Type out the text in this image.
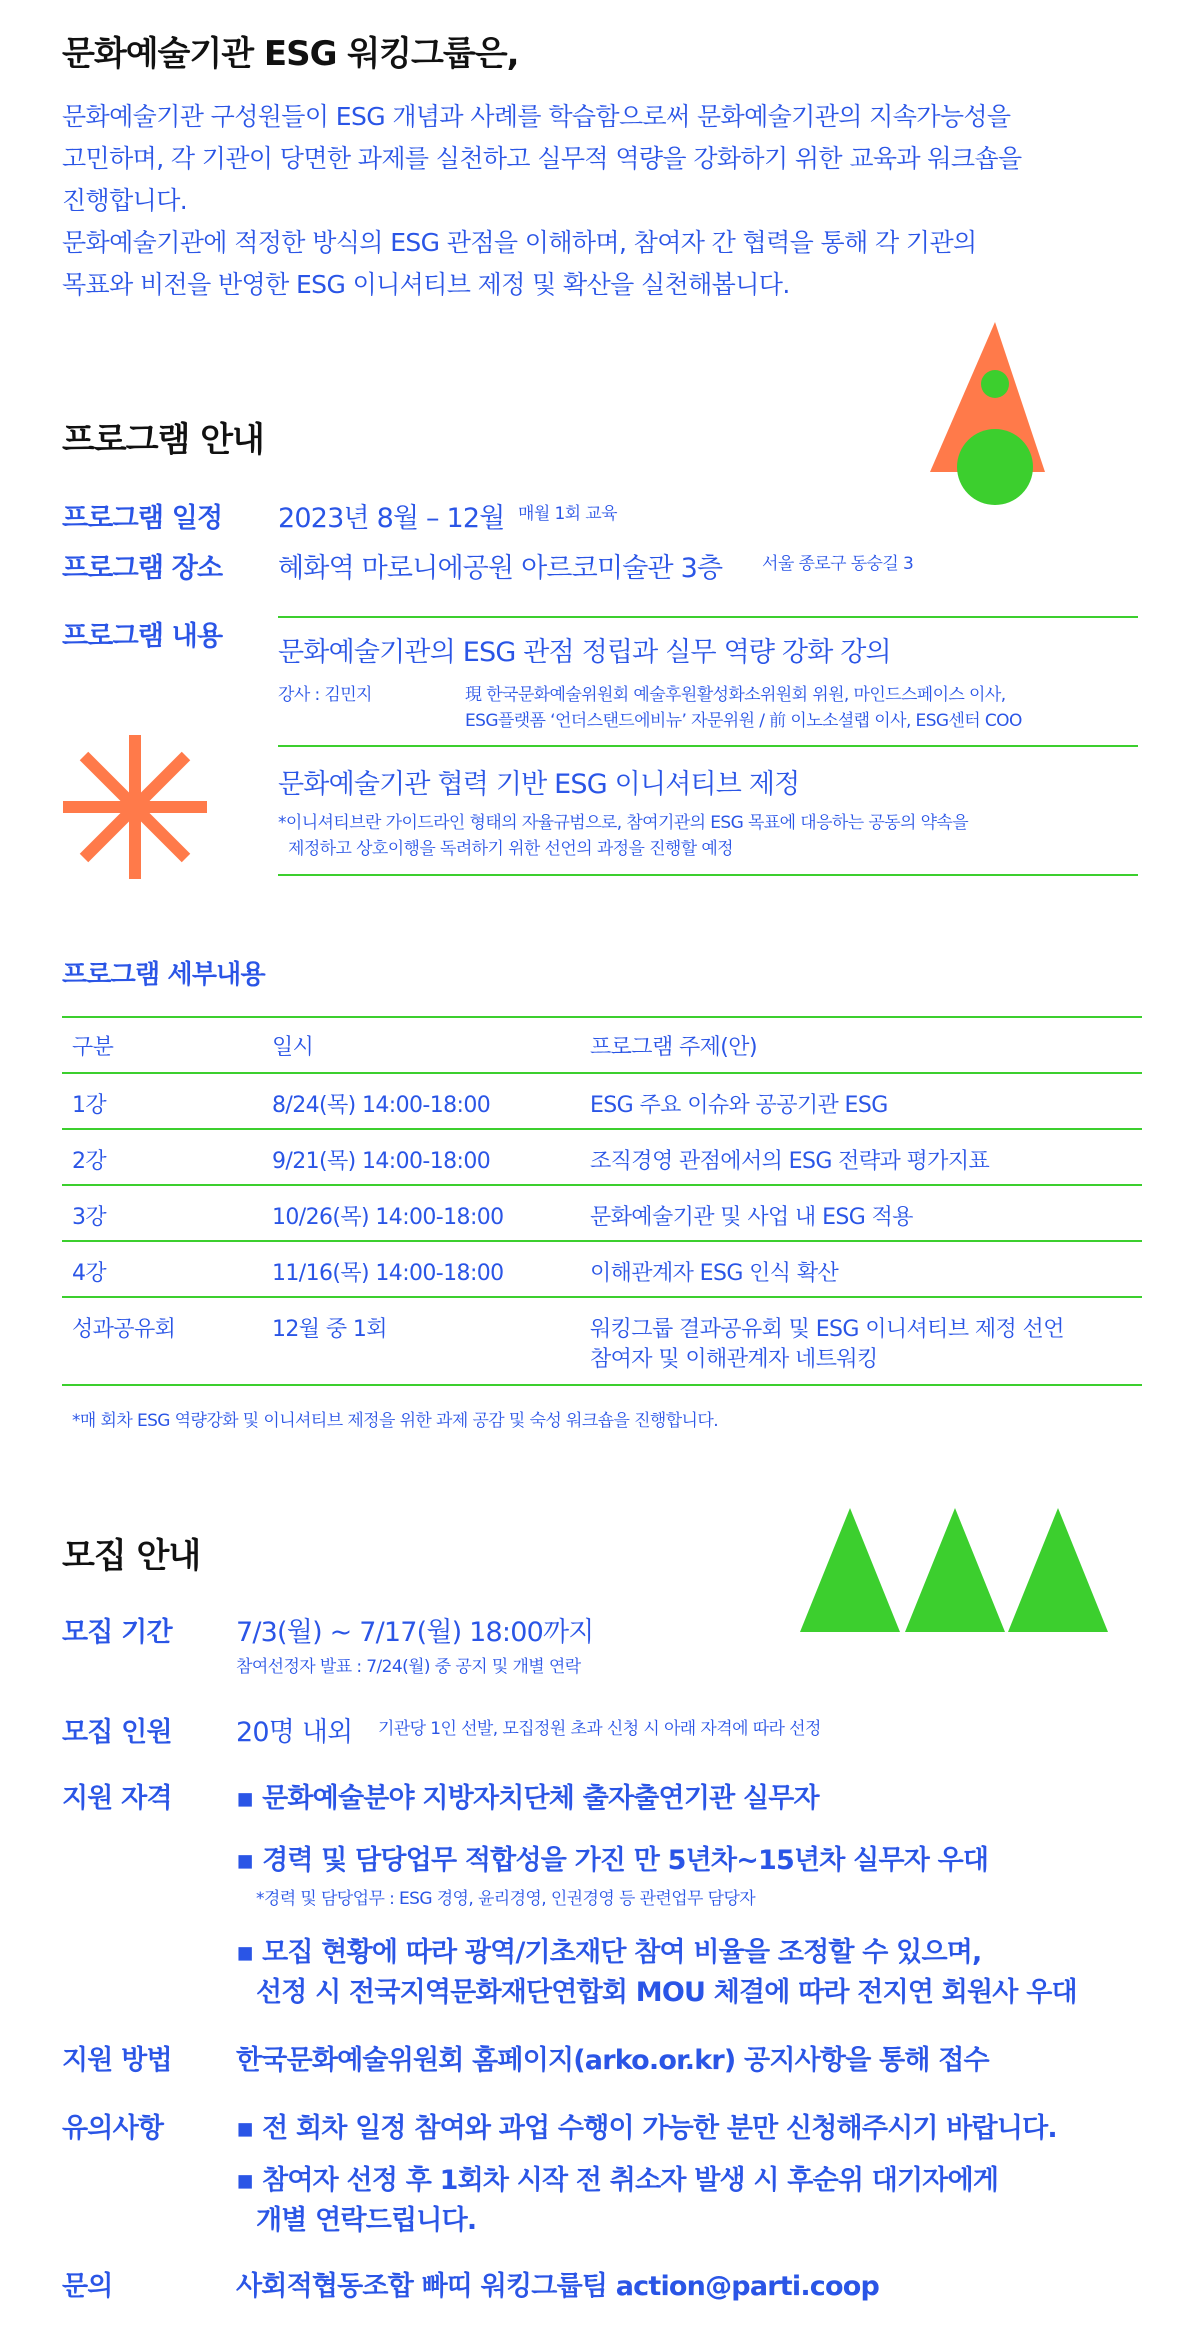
문화예술기관 ESG 워킹그룹은,
문화예술기관 구성원들이 ESG 개념과 사례를 학습함으로써 문화예술기관의 지속가능성을
고민하며, 각 기관이 당면한 과제를 실천하고 실무적 역량을 강화하기 위한 교육과 워크숍을
진행합니다.
문화예술기관에 적정한 방식의 ESG 관점을 이해하며, 참여자 간 협력을 통해 각 기관의
목표와 비전을 반영한 ESG 이니셔티브 제정 및 확산을 실천해봅니다.
프로그램 안내
프로그램 일정 2023년 8월 – 12월 매월 1회 교육
프로그램 장소 혜화역 마로니에공원 아르코미술관 3층 서울 종로구 동숭길 3
프로그램 내용
문화예술기관의 ESG 관점 정립과 실무 역량 강화 강의
강사 : 김민지	現 한국문화예술위원회 예술후원활성화소위원회 위원, 마인드스페이스 이사,
ESG플랫폼 ‘언더스탠드에비뉴’ 자문위원 / 前 이노소셜랩 이사, ESG센터 COO
문화예술기관 협력 기반 ESG 이니셔티브 제정
*이니셔티브란 가이드라인 형태의 자율규범으로, 참여기관의 ESG 목표에 대응하는 공동의 약속을
제정하고 상호이행을 독려하기 위한 선언의 과정을 진행할 예정
프로그램 세부내용
구분	일시	프로그램 주제(안)
1강	8/24(목) 14:00-18:00	ESG 주요 이슈와 공공기관 ESG
2강	9/21(목) 14:00-18:00	조직경영 관점에서의 ESG 전략과 평가지표
3강	10/26(목) 14:00-18:00	문화예술기관 및 사업 내 ESG 적용
4강	11/16(목) 14:00-18:00	이해관계자 ESG 인식 확산
성과공유회	12월 중 1회	워킹그룹 결과공유회 및 ESG 이니셔티브 제정 선언
참여자 및 이해관계자 네트워킹
*매 회차 ESG 역량강화 및 이니셔티브 제정을 위한 과제 공감 및 숙성 워크숍을 진행합니다.
모집 안내
모집 기간 7/3(월) ~ 7/17(월) 18:00까지
참여선정자 발표 : 7/24(월) 중 공지 및 개별 연락
모집 인원 20명 내외 기관당 1인 선발, 모집정원 초과 신청 시 아래 자격에 따라 선정
지원 자격	▪ 문화예술분야 지방자치단체 출자출연기관 실무자
▪ 경력 및 담당업무 적합성을 가진 만 5년차~15년차 실무자 우대
*경력 및 담당업무 : ESG 경영, 윤리경영, 인권경영 등 관련업무 담당자
▪ 모집 현황에 따라 광역/기초재단 참여 비율을 조정할 수 있으며,
선정 시 전국지역문화재단연합회 MOU 체결에 따라 전지연 회원사 우대
지원 방법 한국문화예술위원회 홈페이지(arko.or.kr) 공지사항을 통해 접수
유의사항	▪ 전 회차 일정 참여와 과업 수행이 가능한 분만 신청해주시기 바랍니다.
▪ 참여자 선정 후 1회차 시작 전 취소자 발생 시 후순위 대기자에게
개별 연락드립니다.
문의	사회적협동조합 빠띠 워킹그룹팀 action@parti.coop
